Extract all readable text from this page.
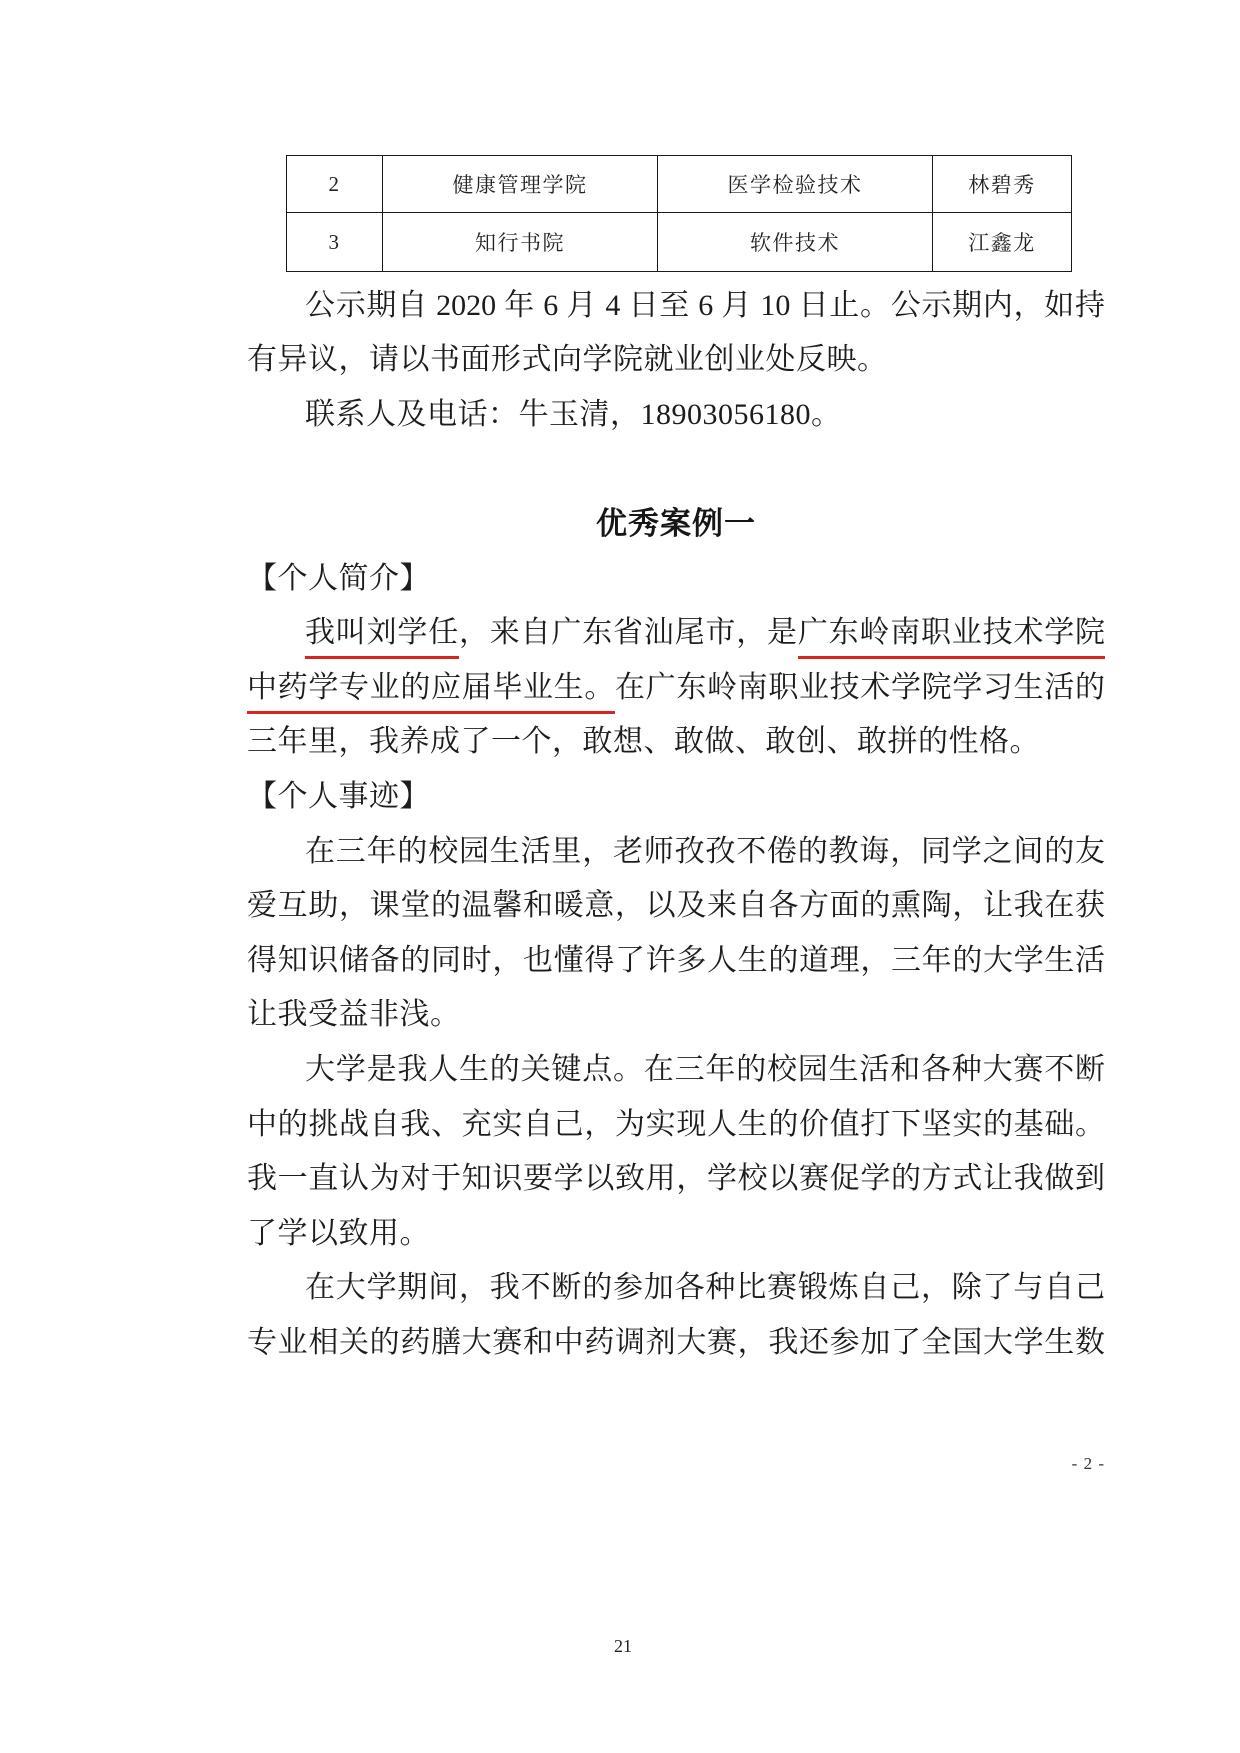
2	健康管理学院	医学检验技术	林碧秀
3	知行书院	软件技术	江鑫龙
公示期自 2020 年 6 月 4 日至 6 月 10 日止。公示期内，如持
有异议，请以书面形式向学院就业创业处反映。
联系人及电话：牛玉清，18903056180。
优秀案例一
【个人简介】
我叫刘学任，来自广东省汕尾市，是广东岭南职业技术学院
中药学专业的应届毕业生。在广东岭南职业技术学院学习生活的
三年里，我养成了一个，敢想、敢做、敢创、敢拼的性格。
【个人事迹】
在三年的校园生活里，老师孜孜不倦的教诲，同学之间的友
爱互助，课堂的温馨和暖意，以及来自各方面的熏陶，让我在获
得知识储备的同时，也懂得了许多人生的道理，三年的大学生活
让我受益非浅。
大学是我人生的关键点。在三年的校园生活和各种大赛不断
中的挑战自我、充实自己，为实现人生的价值打下坚实的基础。
我一直认为对于知识要学以致用，学校以赛促学的方式让我做到
了学以致用。
在大学期间，我不断的参加各种比赛锻炼自己，除了与自己
专业相关的药膳大赛和中药调剂大赛，我还参加了全国大学生数
- 2 -
21
